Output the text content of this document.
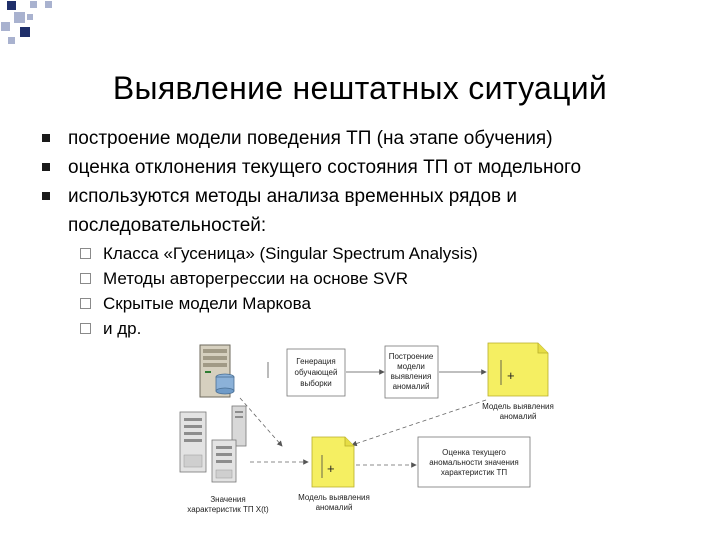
Выявление нештатных ситуаций
построение модели поведения ТП (на этапе обучения)
оценка отклонения текущего состояния ТП от модельного
используются методы анализа временных рядов и последовательностей:
Класса «Гусеница» (Singular Spectrum Analysis)
Методы авторегрессии на основе SVR
Скрытые модели Маркова
и др.
Генерация
обучающей
выборки
Построение
модели
выявления
аномалий
+
Модель выявления
аномалий
Значения
характеристик ТП X(t)
+
Модель выявления
аномалий
Оценка текущего
аномальности значения
характеристик ТП
